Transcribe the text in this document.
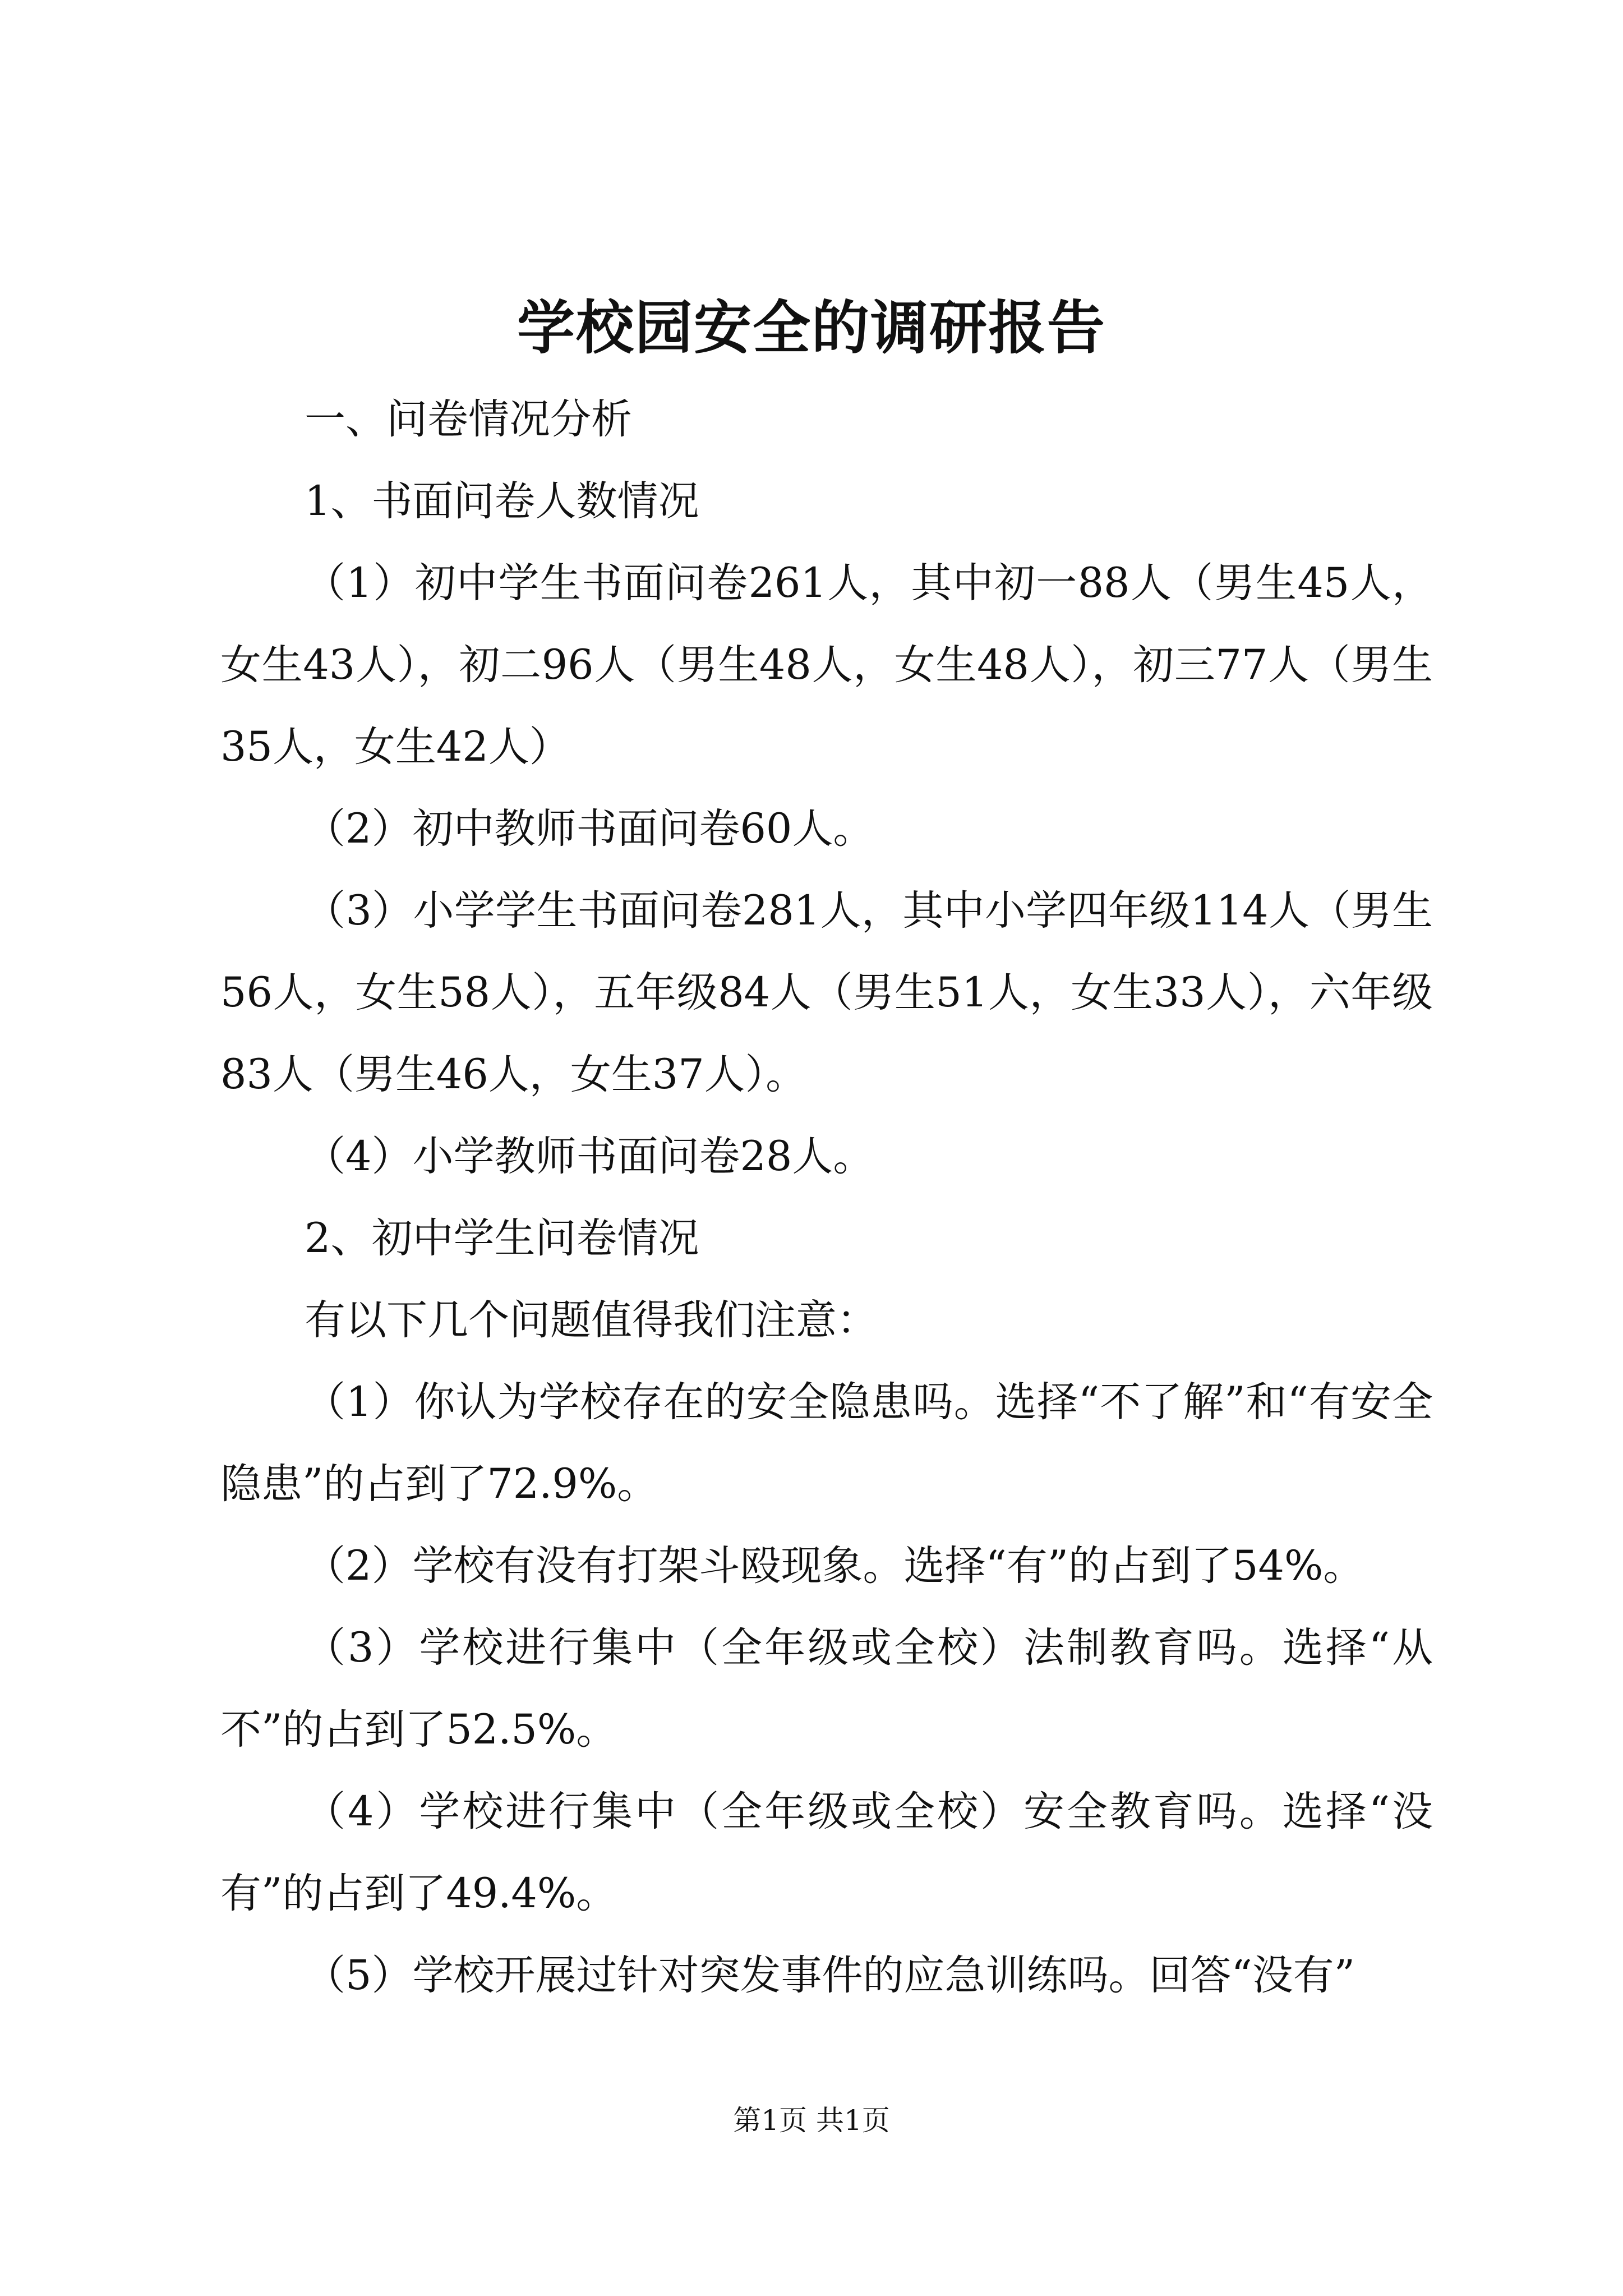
学校园安全的调研报告

一、问卷情况分析

1、书面问卷人数情况

（1）初中学生书面问卷261人，其中初一88人（男生45人，女生43人），初二96人（男生48人，女生48人），初三77人（男生35人，女生42人）

（2）初中教师书面问卷60人。

（3）小学学生书面问卷281人，其中小学四年级114人（男生56人，女生58人），五年级84人（男生51人，女生33人），六年级83人（男生46人，女生37人）。

（4）小学教师书面问卷28人。

2、初中学生问卷情况

有以下几个问题值得我们注意：

（1）你认为学校存在的安全隐患吗。选择“不了解”和“有安全隐患”的占到了72.9%。

（2）学校有没有打架斗殴现象。选择“有”的占到了54%。

（3）学校进行集中（全年级或全校）法制教育吗。选择“从不”的占到了52.5%。

（4）学校进行集中（全年级或全校）安全教育吗。选择“没有”的占到了49.4%。

（5）学校开展过针对突发事件的应急训练吗。回答“没有”

第1页 共1页
